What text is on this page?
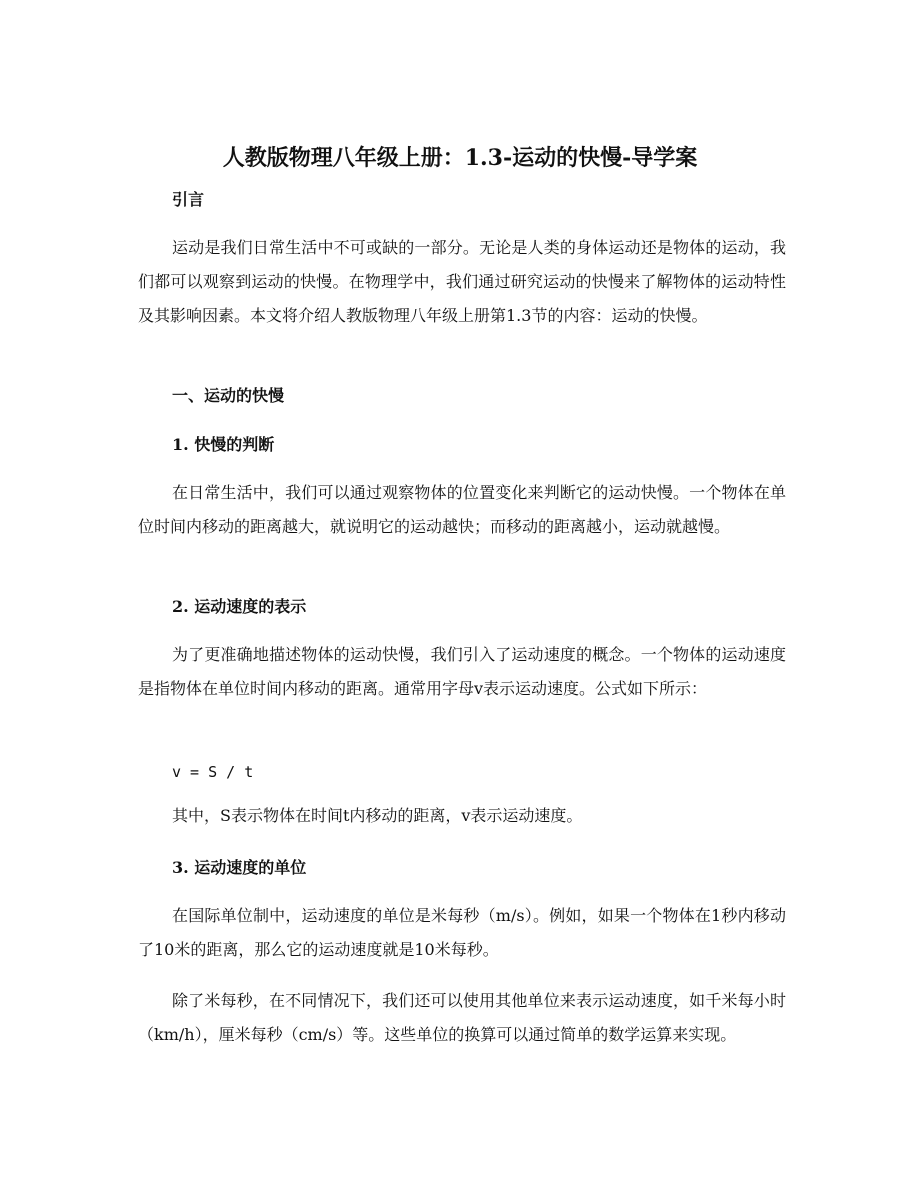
人教版物理八年级上册：1.3-运动的快慢-导学案
引言

运动是我们日常生活中不可或缺的一部分。无论是人类的身体运动还是物体的运动，我们都可以观察到运动的快慢。在物理学中，我们通过研究运动的快慢来了解物体的运动特性及其影响因素。本文将介绍人教版物理八年级上册第1.3节的内容：运动的快慢。

一、运动的快慢
1. 快慢的判断

在日常生活中，我们可以通过观察物体的位置变化来判断它的运动快慢。一个物体在单位时间内移动的距离越大，就说明它的运动越快；而移动的距离越小，运动就越慢。

2. 运动速度的表示

为了更准确地描述物体的运动快慢，我们引入了运动速度的概念。一个物体的运动速度是指物体在单位时间内移动的距离。通常用字母v表示运动速度。公式如下所示：

v = S / t

其中，S表示物体在时间t内移动的距离，v表示运动速度。

3. 运动速度的单位

在国际单位制中，运动速度的单位是米每秒（m/s）。例如，如果一个物体在1秒内移动了10米的距离，那么它的运动速度就是10米每秒。

除了米每秒，在不同情况下，我们还可以使用其他单位来表示运动速度，如千米每小时（km/h），厘米每秒（cm/s）等。这些单位的换算可以通过简单的数学运算来实现。
